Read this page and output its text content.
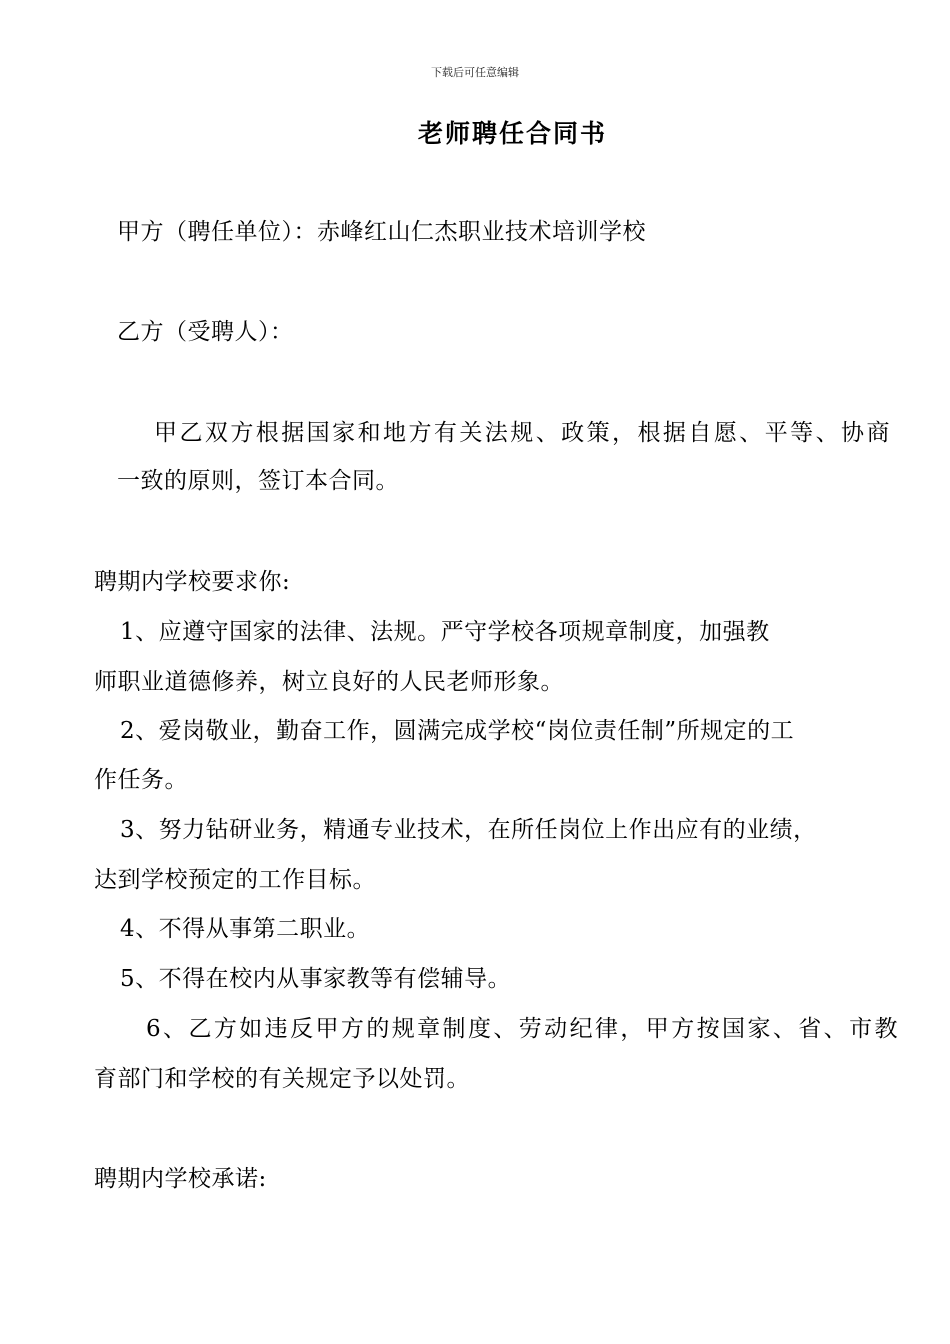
下载后可任意编辑
老师聘任合同书
甲方（聘任单位）：赤峰红山仁杰职业技术培训学校
乙方（受聘人）：
甲乙双方根据国家和地方有关法规、政策，根据自愿、平等、协商
一致的原则，签订本合同。
聘期内学校要求你:
1、应遵守国家的法律、法规。严守学校各项规章制度，加强教
师职业道德修养，树立良好的人民老师形象。
2、爱岗敬业，勤奋工作，圆满完成学校“岗位责任制”所规定的工
作任务。
3、努力钻研业务，精通专业技术，在所任岗位上作出应有的业绩，
达到学校预定的工作目标。
4、不得从事第二职业。
5、不得在校内从事家教等有偿辅导。
6、乙方如违反甲方的规章制度、劳动纪律，甲方按国家、省、市教
育部门和学校的有关规定予以处罚。
聘期内学校承诺:
